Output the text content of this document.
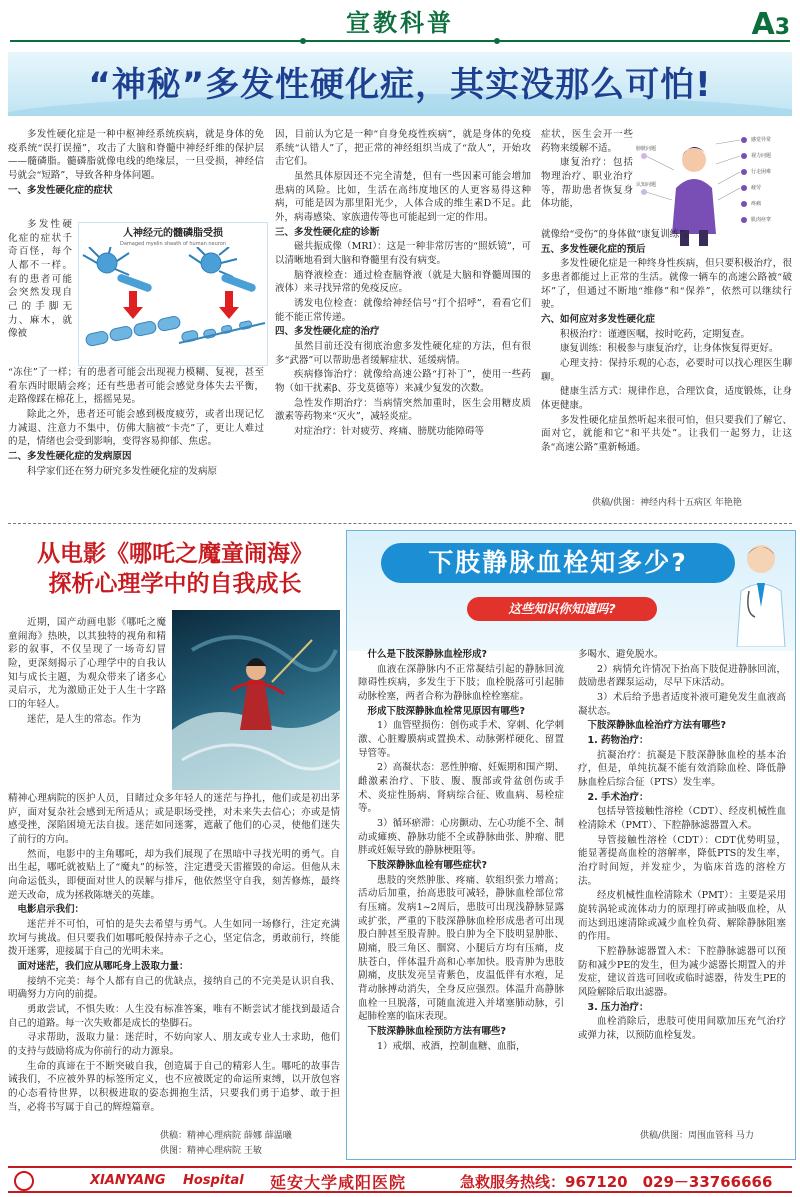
宣教科普	A3
“神秘”多发性硬化症，其实没那么可怕!

多发性硬化症是一种中枢神经系统疾病，就是身体的免疫系统“误打误撞”，攻击了大脑和脊髓中神经纤维的保护层——髓磷脂。髓磷脂就像电线的绝缘层，一旦受损，神经信号就会“短路”，导致各种身体问题。

一、多发性硬化症的症状

多发性硬化症的症状千奇百怪，每个人都不一样。有的患者可能会突然发现自己的手脚无力、麻木，就像被

人神经元的髓磷脂受损
Damaged myelin sheath of human neuron

“冻住”了一样；有的患者可能会出现视力模糊、复视，甚至看东西时眼睛会疼；还有些患者可能会感觉身体失去平衡，走路像踩在棉花上，摇摇晃晃。

除此之外，患者还可能会感到极度疲劳，或者出现记忆力减退、注意力不集中，仿佛大脑被“卡壳”了，更让人难过的是，情绪也会受到影响，变得容易抑郁、焦虑。

二、多发性硬化症的发病原因

科学家们还在努力研究多发性硬化症的发病原

因，目前认为它是一种“自身免疫性疾病”，就是身体的免疫系统“认错人”了，把正常的神经组织当成了“敌人”，开始攻击它们。

虽然具体原因还不完全清楚，但有一些因素可能会增加患病的风险。比如，生活在高纬度地区的人更容易得这种病，可能是因为那里阳光少，人体合成的维生素D不足。此外，病毒感染、家族遗传等也可能起到一定的作用。

三、多发性硬化症的诊断

磁共振成像（MRI）：这是一种非常厉害的“照妖镜”，可以清晰地看到大脑和脊髓里有没有病变。

脑脊液检查：通过检查脑脊液（就是大脑和脊髓周围的液体）来寻找异常的免疫反应。

诱发电位检查：就像给神经信号“打个招呼”，看看它们能不能正常传递。

四、多发性硬化症的治疗

虽然目前还没有彻底治愈多发性硬化症的方法，但有很多“武器”可以帮助患者缓解症状、延缓病情。

疾病修饰治疗：就像给高速公路“打补丁”，使用一些药物（如干扰素β、芬戈莫德等）来减少复发的次数。

急性发作期治疗：当病情突然加重时，医生会用糖皮质激素等药物来“灭火”，减轻炎症。

对症治疗：针对疲劳、疼痛、膀胱功能障碍等

症状，医生会开一些药物来缓解不适。

康复治疗：包括物理治疗、职业治疗等，帮助患者恢复身体功能，

感觉异常
视力问题
行走困难
疲劳
疼痛
肌肉痉挛
膀胱问题
认知问题

就像给“受伤”的身体做“康复训练”。

五、多发性硬化症的预后

多发性硬化症是一种终身性疾病，但只要积极治疗，很多患者都能过上正常的生活。就像一辆车的高速公路被“破坏”了，但通过不断地“维修”和“保养”，依然可以继续行驶。

六、如何应对多发性硬化症

积极治疗：谨遵医嘱，按时吃药，定期复查。

康复训练：积极参与康复治疗，让身体恢复得更好。

心理支持：保持乐观的心态，必要时可以找心理医生聊聊。

健康生活方式：规律作息，合理饮食，适度锻炼，让身体更健康。

多发性硬化症虽然听起来很可怕，但只要我们了解它、面对它，就能和它“和平共处”。让我们一起努力，让这条“高速公路”重新畅通。

供稿/供图：神经内科十五病区 年艳艳
从电影《哪吒之魔童闹海》
探析心理学中的自我成长

近期，国产动画电影《哪吒之魔童闹海》热映，以其独特的视角和精彩的叙事，不仅呈现了一场奇幻冒险，更深刻揭示了心理学中的自我认知与成长主题，为观众带来了诸多心灵启示，尤为激励正处于人生十字路口的年轻人。

迷茫，是人生的常态。作为

精神心理病院的医护人员，目睹过众多年轻人的迷茫与挣扎，他们或是初出茅庐，面对复杂社会感到无所适从；或是职场受挫，对未来失去信心；亦或是情感受挫，深陷困境无法自拔。迷茫如同迷雾，遮蔽了他们的心灵，使他们迷失了前行的方向。

然而，电影中的主角哪吒，却为我们展现了在黑暗中寻找光明的勇气。自出生起，哪吒就被贴上了“魔丸”的标签，注定遭受天雷摧毁的命运。但他从未向命运低头，即便面对世人的误解与排斥，他依然坚守自我，刻苦修炼，最终逆天改命，成为拯救陈塘关的英雄。

电影启示我们：

迷茫并不可怕，可怕的是失去希望与勇气。人生如同一场修行，注定充满坎坷与挑战。但只要我们如哪吒般保持赤子之心，坚定信念，勇敢前行，终能拨开迷雾，迎接属于自己的光明未来。

面对迷茫，我们应从哪吒身上汲取力量：

接纳不完美：每个人都有自己的优缺点，接纳自己的不完美是认识自我、明确努力方向的前提。

勇敢尝试，不惧失败：人生没有标准答案，唯有不断尝试才能找到最适合自己的道路。每一次失败都是成长的垫脚石。

寻求帮助，汲取力量：迷茫时，不妨向家人、朋友或专业人士求助，他们的支持与鼓励将成为你前行的动力源泉。

生命的真谛在于不断突破自我，创造属于自己的精彩人生。哪吒的故事告诫我们，不应被外界的标签所定义，也不应被既定的命运所束缚，以开放包容的心态看待世界，以积极进取的姿态拥抱生活，只要我们勇于追梦、敢于担当，必将书写属于自己的辉煌篇章。

供稿：精神心理病院 薛娜 薛温曦
供图：精神心理病院 王敏
下肢静脉血栓知多少?
这些知识你知道吗?

什么是下肢深静脉血栓形成?

血液在深静脉内不正常凝结引起的静脉回流障碍性疾病，多发生于下肢；血栓脱落可引起肺动脉栓塞，两者合称为静脉血栓栓塞症。

形成下肢深静脉血栓常见原因有哪些?

1）血管壁损伤：创伤或手术、穿刺、化学刺激、心脏瓣膜病或置换术、动脉粥样硬化、留置导管等。

2）高凝状态：恶性肿瘤、妊娠期和围产期、雌激素治疗、下肢、腹、腹部或骨盆创伤或手术、炎症性肠病、肾病综合征、败血病、易栓症等。

3）循环瘀滞：心房颤动、左心功能不全、制动或瘫痪、静脉功能不全或静脉曲张、肿瘤、肥胖或妊娠导致的静脉梗阻等。

下肢深静脉血栓有哪些症状?

患肢的突然肿胀、疼痛、软组织张力增高；活动后加重，抬高患肢可减轻，静脉血栓部位常有压痛。发病1~2周后，患肢可出现浅静脉显露或扩张，严重的下肢深静脉血栓形成患者可出现股白肿甚至股青肿。股白肿为全下肢明显肿胀、剧痛，股三角区、腘窝、小腿后方均有压痛，皮肤苍白，伴体温升高和心率加快。股青肿为患肢剧痛，皮肤发亮呈青紫色，皮温低伴有水疱，足背动脉搏动消失，全身反应强烈。体温升高静脉血栓一旦脱落，可随血流进入并堵塞肺动脉，引起肺栓塞的临床表现。

下肢深静脉血栓预防方法有哪些?

1）戒烟、戒酒，控制血糖、血脂，

多喝水、避免脱水。

2）病情允许情况下抬高下肢促进静脉回流，鼓励患者踝泵运动，尽早下床活动。

3）术后给予患者适度补液可避免发生血液高凝状态。

下肢深静脉血栓治疗方法有哪些?

1. 药物治疗：

抗凝治疗：抗凝是下肢深静脉血栓的基本治疗，但是，单纯抗凝不能有效消除血栓、降低静脉血栓后综合征（PTS）发生率。

2. 手术治疗：

包括导管接触性溶栓（CDT）、经皮机械性血栓清除术（PMT）、下腔静脉滤器置入术。

导管接触性溶栓（CDT）：CDT优势明显，能显著提高血栓的溶解率，降低PTS的发生率，治疗时间短，并发症少，为临床首选的溶栓方法。

经皮机械性血栓清除术（PMT）：主要是采用旋转涡轮或流体动力的原理打碎或抽吸血栓，从而达到迅速清除或减少血栓负荷、解除静脉阻塞的作用。

下腔静脉滤器置入术：下腔静脉滤器可以预防和减少PE的发生，但为减少滤器长期置入的并发症，建议首选可回收或临时滤器，待发生PE的风险解除后取出滤器。

3. 压力治疗：

血栓消除后，患肢可使用间歇加压充气治疗或弹力袜，以预防血栓复发。

供稿/供图：周围血管科 马力
XIANYANG Hospital 延安大学咸阳医院	急救服务热线：967120　029－33766666
